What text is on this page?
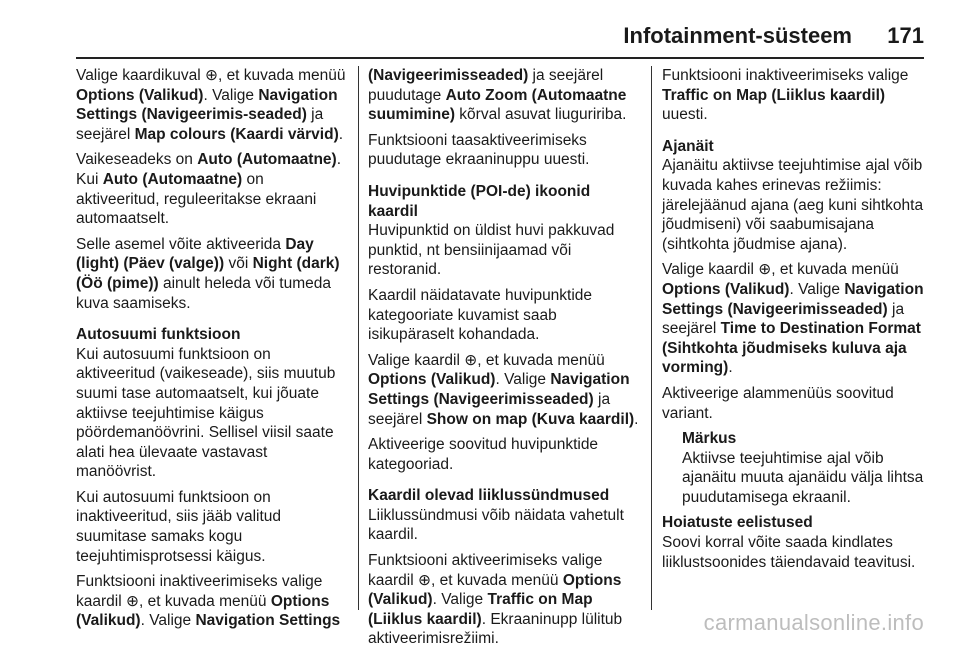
Infotainment-süsteem 171

Valige kaardikuval ⊕, et kuvada menüü Options (Valikud). Valige Navigation Settings (Navigeerimis-seaded) ja seejärel Map colours (Kaardi värvid).

Vaikeseadeks on Auto (Automaatne). Kui Auto (Automaatne) on aktiveeritud, reguleeritakse ekraani automaatselt.

Selle asemel võite aktiveerida Day (light) (Päev (valge)) või Night (dark) (Öö (pime)) ainult heleda või tumeda kuva saamiseks.

Autosuumi funktsioon

Kui autosuumi funktsioon on aktiveeritud (vaikeseade), siis muutub suumi tase automaatselt, kui jõuate aktiivse teejuhtimise käigus pöördemanöövrini. Sellisel viisil saate alati hea ülevaate vastavast manöövrist.

Kui autosuumi funktsioon on inaktiveeritud, siis jääb valitud suumitase samaks kogu teejuhtimisprotsessi käigus.

Funktsiooni inaktiveerimiseks valige kaardil ⊕, et kuvada menüü Options (Valikud). Valige Navigation Settings

(Navigeerimisseaded) ja seejärel puudutage Auto Zoom (Automaatne suumimine) kõrval asuvat liuguririba.

Funktsiooni taasaktiveerimiseks puudutage ekraaninuppu uuesti.

Huvipunktide (POI-de) ikoonid kaardil

Huvipunktid on üldist huvi pakkuvad punktid, nt bensiinijaamad või restoranid.

Kaardil näidatavate huvipunktide kategooriate kuvamist saab isikupäraselt kohandada.

Valige kaardil ⊕, et kuvada menüü Options (Valikud). Valige Navigation Settings (Navigeerimisseaded) ja seejärel Show on map (Kuva kaardil).

Aktiveerige soovitud huvipunktide kategooriad.

Kaardil olevad liiklussündmused

Liiklussündmusi võib näidata vahetult kaardil.

Funktsiooni aktiveerimiseks valige kaardil ⊕, et kuvada menüü Options (Valikud). Valige Traffic on Map (Liiklus kaardil). Ekraaninupp lülitub aktiveerimisrežiimi.

Funktsiooni inaktiveerimiseks valige Traffic on Map (Liiklus kaardil) uuesti.

Ajanäit

Ajanäitu aktiivse teejuhtimise ajal võib kuvada kahes erinevas režiimis: järelejäänud ajana (aeg kuni sihtkohta jõudmiseni) või saabumisajana (sihtkohta jõudmise ajana).

Valige kaardil ⊕, et kuvada menüü Options (Valikud). Valige Navigation Settings (Navigeerimisseaded) ja seejärel Time to Destination Format (Sihtkohta jõudmiseks kuluva aja vorming).

Aktiveerige alammenüüs soovitud variant.

Märkus

Aktiivse teejuhtimise ajal võib ajanäitu muuta ajanäidu välja lihtsa puudutamisega ekraanil.

Hoiatuste eelistused

Soovi korral võite saada kindlates liiklustsoonides täiendavaid teavitusi.

carmanualsonline.info
